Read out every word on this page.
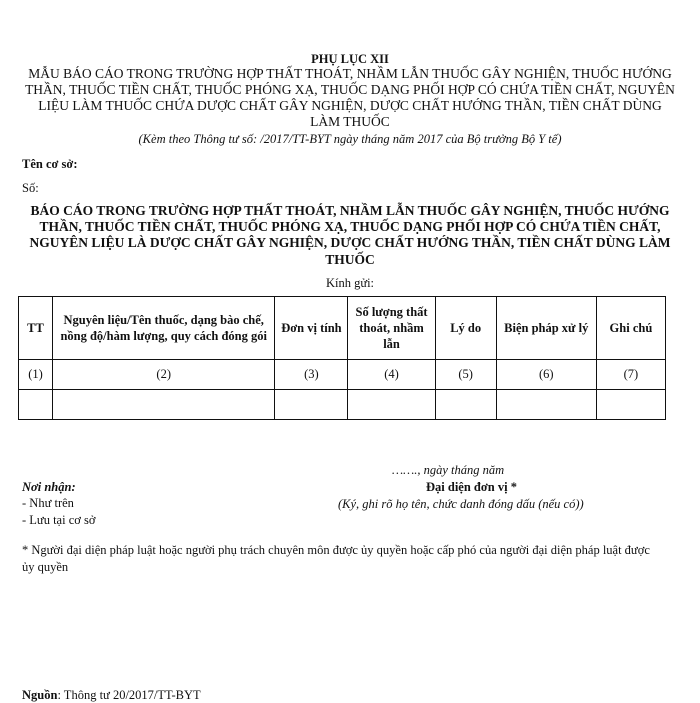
PHỤ LỤC XII
MẪU BÁO CÁO TRONG TRƯỜNG HỢP THẤT THOÁT, NHẦM LẪN THUỐC GÂY NGHIỆN, THUỐC HƯỚNG THẦN, THUỐC TIỀN CHẤT, THUỐC PHÓNG XẠ, THUỐC DẠNG PHỐI HỢP CÓ CHỨA TIỀN CHẤT, NGUYÊN LIỆU LÀM THUỐC CHỨA DƯỢC CHẤT GÂY NGHIỆN, DƯỢC CHẤT HƯỚNG THẦN, TIỀN CHẤT DÙNG LÀM THUỐC
(Kèm theo Thông tư số: /2017/TT-BYT ngày tháng năm 2017 của Bộ trưởng Bộ Y tế)
Tên cơ sở:
Số:
BÁO CÁO TRONG TRƯỜNG HỢP THẤT THOÁT, NHẦM LẪN THUỐC GÂY NGHIỆN, THUỐC HƯỚNG THẦN, THUỐC TIỀN CHẤT, THUỐC PHÓNG XẠ, THUỐC DẠNG PHỐI HỢP CÓ CHỨA TIỀN CHẤT, NGUYÊN LIỆU LÀ DƯỢC CHẤT GÂY NGHIỆN, DƯỢC CHẤT HƯỚNG THẦN, TIỀN CHẤT DÙNG LÀM THUỐC
Kính gửi:
TT	Nguyên liệu/Tên thuốc, dạng bào chế, nồng độ/hàm lượng, quy cách đóng gói	Đơn vị tính	Số lượng thất thoát, nhầm lẫn	Lý do	Biện pháp xử lý	Ghi chú
(1)	(2)	(3)	(4)	(5)	(6)	(7)

……., ngày tháng năm
Nơi nhận:
- Như trên
- Lưu tại cơ sở
Đại diện đơn vị *
(Ký, ghi rõ họ tên, chức danh đóng dấu (nếu có))
* Người đại diện pháp luật hoặc người phụ trách chuyên môn được ủy quyền hoặc cấp phó của người đại diện pháp luật được ủy quyền
Nguồn: Thông tư 20/2017/TT-BYT
